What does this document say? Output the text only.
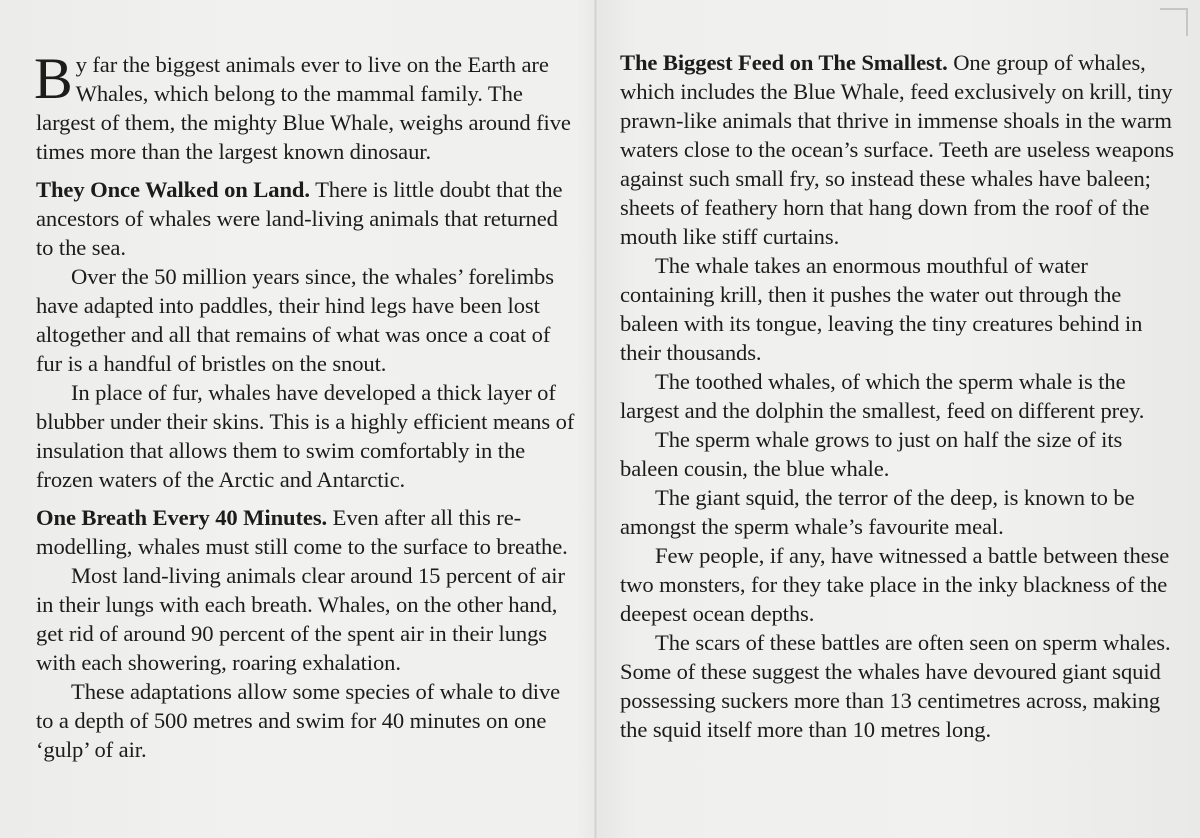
By far the biggest animals ever to live on the Earth are Whales, which belong to the mammal family. The largest of them, the mighty Blue Whale, weighs around five times more than the largest known dinosaur.

They Once Walked on Land. There is little doubt that the ancestors of whales were land-living animals that returned to the sea.

Over the 50 million years since, the whales’ forelimbs have adapted into paddles, their hind legs have been lost altogether and all that remains of what was once a coat of fur is a handful of bristles on the snout.

In place of fur, whales have developed a thick layer of blubber under their skins. This is a highly efficient means of insulation that allows them to swim comfortably in the frozen waters of the Arctic and Antarctic.

One Breath Every 40 Minutes. Even after all this re-modelling, whales must still come to the surface to breathe.

Most land-living animals clear around 15 percent of air in their lungs with each breath. Whales, on the other hand, get rid of around 90 percent of the spent air in their lungs with each showering, roaring exhalation.

These adaptations allow some species of whale to dive to a depth of 500 metres and swim for 40 minutes on one ‘gulp’ of air.

The Biggest Feed on The Smallest. One group of whales, which includes the Blue Whale, feed exclusively on krill, tiny prawn-like animals that thrive in immense shoals in the warm waters close to the ocean’s surface. Teeth are useless weapons against such small fry, so instead these whales have baleen; sheets of feathery horn that hang down from the roof of the mouth like stiff curtains.

The whale takes an enormous mouthful of water containing krill, then it pushes the water out through the baleen with its tongue, leaving the tiny creatures behind in their thousands.

The toothed whales, of which the sperm whale is the largest and the dolphin the smallest, feed on different prey.

The sperm whale grows to just on half the size of its baleen cousin, the blue whale.

The giant squid, the terror of the deep, is known to be amongst the sperm whale’s favourite meal.

Few people, if any, have witnessed a battle between these two monsters, for they take place in the inky blackness of the deepest ocean depths.

The scars of these battles are often seen on sperm whales. Some of these suggest the whales have devoured giant squid possessing suckers more than 13 centimetres across, making the squid itself more than 10 metres long.
